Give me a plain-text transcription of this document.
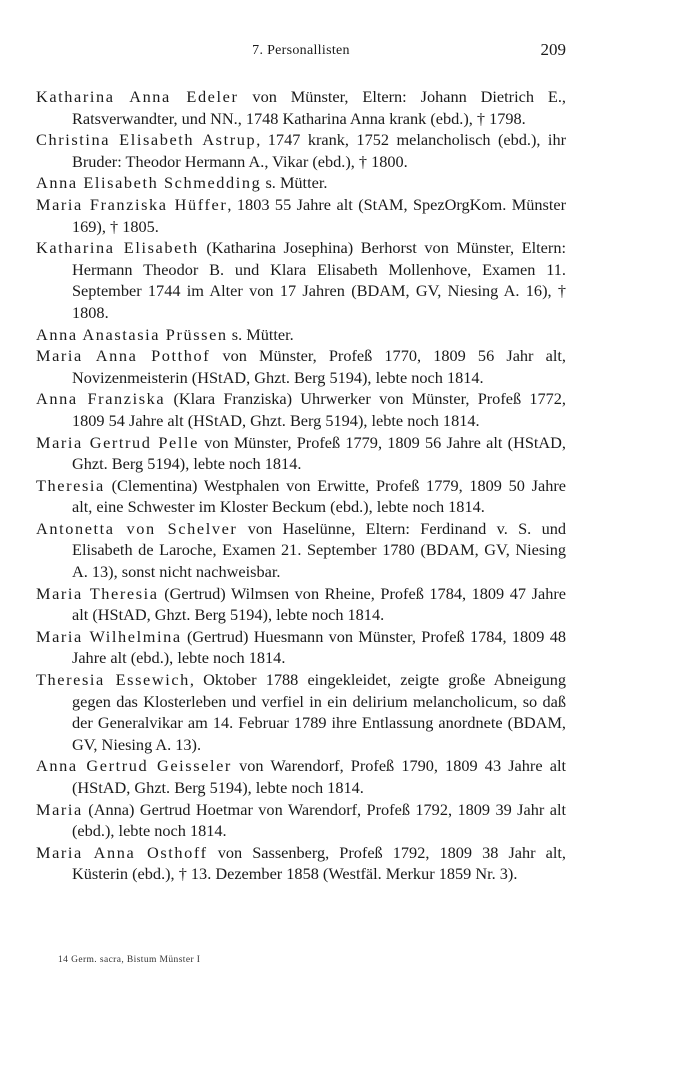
7. Personallisten	209

Katharina Anna Edeler von Münster, Eltern: Johann Dietrich E., Ratsverwandter, und NN., 1748 Katharina Anna krank (ebd.), † 1798.

Christina Elisabeth Astrup, 1747 krank, 1752 melancholisch (ebd.), ihr Bruder: Theodor Hermann A., Vikar (ebd.), † 1800.

Anna Elisabeth Schmedding s. Mütter.

Maria Franziska Hüffer, 1803 55 Jahre alt (StAM, SpezOrgKom. Münster 169), † 1805.

Katharina Elisabeth (Katharina Josephina) Berhorst von Münster, Eltern: Hermann Theodor B. und Klara Elisabeth Mollenhove, Examen 11. September 1744 im Alter von 17 Jahren (BDAM, GV, Niesing A. 16), † 1808.

Anna Anastasia Prüssen s. Mütter.

Maria Anna Potthof von Münster, Profeß 1770, 1809 56 Jahr alt, Novizenmeisterin (HStAD, Ghzt. Berg 5194), lebte noch 1814.

Anna Franziska (Klara Franziska) Uhrwerker von Münster, Profeß 1772, 1809 54 Jahre alt (HStAD, Ghzt. Berg 5194), lebte noch 1814.

Maria Gertrud Pelle von Münster, Profeß 1779, 1809 56 Jahre alt (HStAD, Ghzt. Berg 5194), lebte noch 1814.

Theresia (Clementina) Westphalen von Erwitte, Profeß 1779, 1809 50 Jahre alt, eine Schwester im Kloster Beckum (ebd.), lebte noch 1814.

Antonetta von Schelver von Haselünne, Eltern: Ferdinand v. S. und Elisabeth de Laroche, Examen 21. September 1780 (BDAM, GV, Niesing A. 13), sonst nicht nachweisbar.

Maria Theresia (Gertrud) Wilmsen von Rheine, Profeß 1784, 1809 47 Jahre alt (HStAD, Ghzt. Berg 5194), lebte noch 1814.

Maria Wilhelmina (Gertrud) Huesmann von Münster, Profeß 1784, 1809 48 Jahre alt (ebd.), lebte noch 1814.

Theresia Essewich, Oktober 1788 eingekleidet, zeigte große Abneigung gegen das Klosterleben und verfiel in ein delirium melancholicum, so daß der Generalvikar am 14. Februar 1789 ihre Entlassung anordnete (BDAM, GV, Niesing A. 13).

Anna Gertrud Geisseler von Warendorf, Profeß 1790, 1809 43 Jahre alt (HStAD, Ghzt. Berg 5194), lebte noch 1814.

Maria (Anna) Gertrud Hoetmar von Warendorf, Profeß 1792, 1809 39 Jahr alt (ebd.), lebte noch 1814.

Maria Anna Osthoff von Sassenberg, Profeß 1792, 1809 38 Jahr alt, Küsterin (ebd.), † 13. Dezember 1858 (Westfäl. Merkur 1859 Nr. 3).

14 Germ. sacra, Bistum Münster I
